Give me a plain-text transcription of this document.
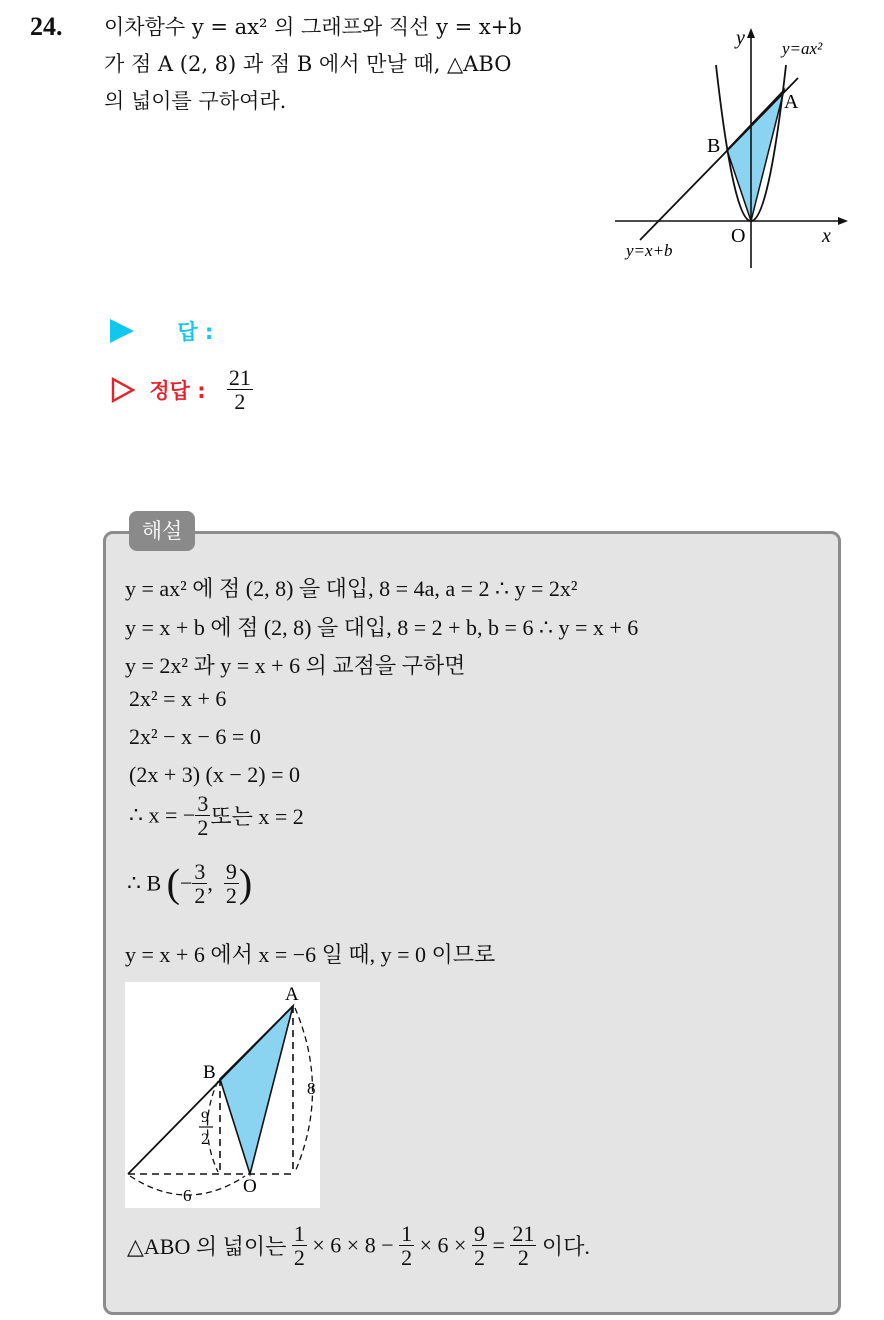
24. 이차함수 y = ax² 의 그래프와 직선 y = x+b
가 점 A (2, 8) 과 점 B 에서 만날 때, △ABO
의 넓이를 구하여라.
y
x
O
A
B
y=ax²
y=x+b
답 :
정답 : $\frac{21}{2}$
해설
y = ax² 에 점 (2, 8) 을 대입, 8 = 4a, a = 2 ∴ y = 2x²
y = x + b 에 점 (2, 8) 을 대입, 8 = 2 + b, b = 6 ∴ y = x + 6
y = 2x² 과 y = x + 6 의 교점을 구하면
2x² = x + 6
2x² − x − 6 = 0
(2x + 3) (x − 2) = 0
∴ x = − $\frac{3}{2}$ 또는 x = 2
∴ B (− $\frac{3}{2}$ , $\frac{9}{2}$ )
y = x + 6 에서 x = −6 일 때, y = 0 이므로
A
B
O
8
9
2
6
△ABO 의 넓이는 $\frac{1}{2} \times 6 \times 8 - \frac{1}{2} \times 6 \times \frac{9}{2} = \frac{21}{2}$ 이다.
